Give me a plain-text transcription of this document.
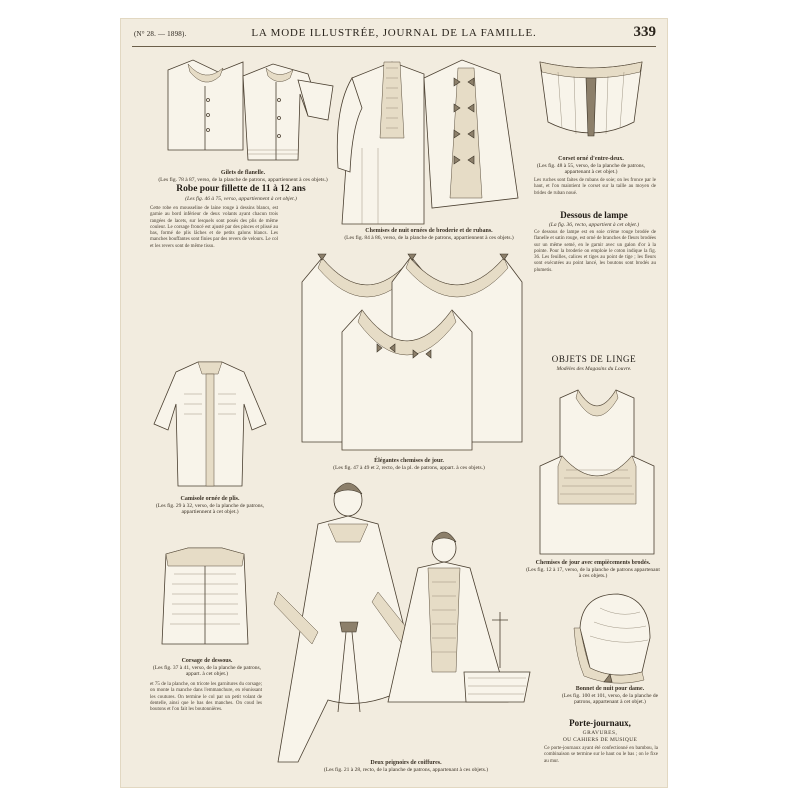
(N° 28. — 1898).	LA MODE ILLUSTRÉE, JOURNAL DE LA FAMILLE.	339
Gilets de flanelle.
(Les fig. 78 à 87, verso, de la planche de patrons, appartiennent à ces objets.)
Chemises de nuit ornées de broderie et de rubans.
(Les fig. 84 à 86, verso, de la planche de patrons, appartiennent à ces objets.)
Corset orné d'entre-deux.
(Les fig. 48 à 55, verso, de la planche de patrons, appartenant à cet objet.)
Les ruches sont faites de rubans de soie; on les fronce par le haut, et l'on maintient le corset sur la taille au moyen de brides de ruban noué.
Dessous de lampe
(La fig. 36, recto, appartient à cet objet.)
Ce dessous de lampe est en soie crème rouge brodée de flanelle et satin rouge, est orné de branches de fleurs brodées sur un même semé, en le garnir avec un galon d'or à la pointe. Pour la broderie on emploie le coton indique la fig. 36. Les feuilles, calices et tiges au point de tige ; les fleurs sont exécutées au point lancé, les boutons sont brodés au plumetis.
OBJETS DE LINGE
Modèles des Magasins du Louvre.
Robe pour fillette de 11 à 12 ans
(Les fig. 46 à 75, verso, appartiennent à cet objet.)
Cette robe en mousseline de laine rouge à dessins blancs, est garnie au bord inférieur de deux volants ayant chacun trois rangées de lacets, sur lesquels sont posés des plis de même couleur. Le corsage froncé est ajusté par des pinces et plissé au bas, formé de plis lâches et de petits galons blancs. Les manches bouffantes sont finies par des revers de velours. Le col et les revers sont de même tissu.
Élégantes chemises de jour.
(Les fig. 47 à 49 et 2, recto, de la pl. de patrons, appart. à ces objets.)
Camisole ornée de plis.
(Les fig. 29 à 32, verso, de la planche de patrons, appartiennent à cet objet.)
Chemises de jour avec empiècements brodés.
(Les fig. 12 à 17, verso, de la planche de patrons appartenant à ces objets.)
Corsage de dessous.
(Les fig. 37 à 41, verso, de la planche de patrons, appart. à cet objet.)
et 75 de la planche, on tricote les garnitures du corsage; on monte la manche dans l'emmanchure, en réunissant les coutures. On termine le col par un petit volant de dentelle, ainsi que le bas des manches. On coud les boutons et l'on fait les boutonnières.
Deux peignoirs de coiffures.
(Les fig. 21 à 28, recto, de la planche de patrons, appartenant à ces objets.)
Bonnet de nuit pour dame.
(Les fig. 100 et 101, verso, de la planche de patrons, appartenant à cet objet.)
Porte-journaux,
GRAVURES,
OU CAHIERS DE MUSIQUE
Ce porte-journaux ayant été confectionné en bambou, la combinaison se termine sur le haut ou le bas ; on le fixe au mur.
